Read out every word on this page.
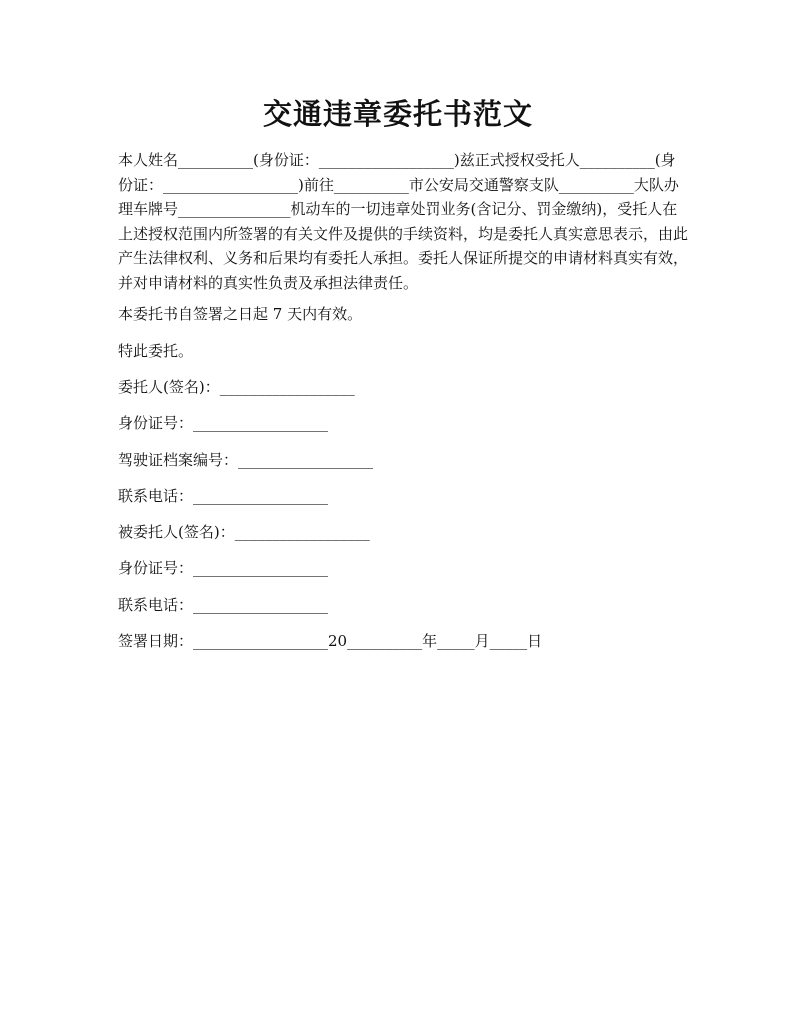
交通违章委托书范文
本人姓名__________(身份证：__________________)兹正式授权受托人__________(身份证：__________________)前往__________市公安局交通警察支队__________大队办理车牌号_______________机动车的一切违章处罚业务(含记分、罚金缴纳)，受托人在上述授权范围内所签署的有关文件及提供的手续资料，均是委托人真实意思表示，由此产生法律权利、义务和后果均有委托人承担。委托人保证所提交的申请材料真实有效，并对申请材料的真实性负责及承担法律责任。
本委托书自签署之日起 7 天内有效。
特此委托。
委托人(签名)：__________________
身份证号：__________________
驾驶证档案编号：__________________
联系电话：__________________
被委托人(签名)：__________________
身份证号：__________________
联系电话：__________________
签署日期：__________________20__________年_____月_____日
